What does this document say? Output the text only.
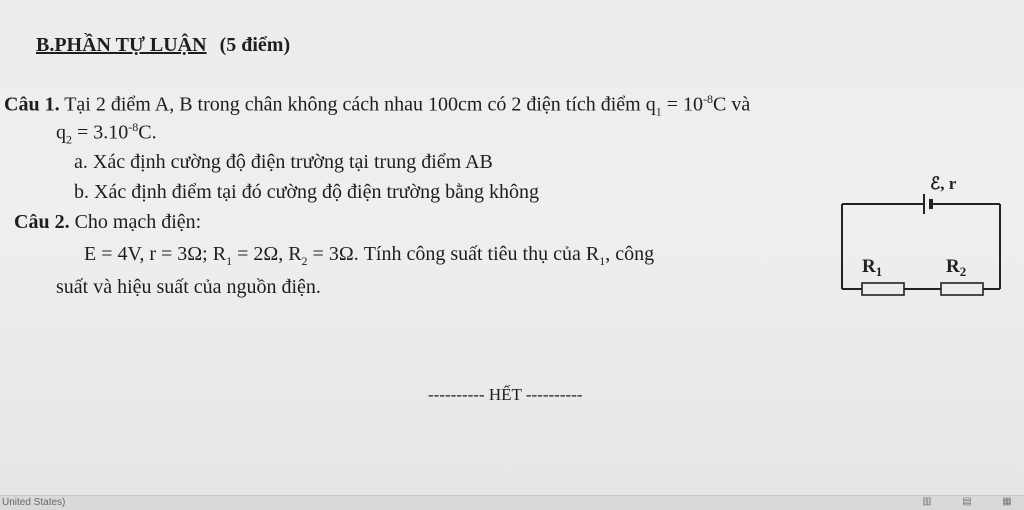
B.PHẦN TỰ LUẬN (5 điểm)
Câu 1. Tại 2 điểm A, B trong chân không cách nhau 100cm có 2 điện tích điểm $q_1 = 10^{-8}C$ và
$q_2 = 3.10^{-8}C$.
a. Xác định cường độ điện trường tại trung điểm AB
b. Xác định điểm tại đó cường độ điện trường bằng không
Câu 2. Cho mạch điện:
E = 4V, r = 3Ω; $R_1 = 2\Omega$, $R_2 = 3\Omega$. Tính công suất tiêu thụ của $R_1$, công
suất và hiệu suất của nguồn điện.
ℰ, r
$R_1$	$R_2$
---------- HẾT ----------
United States)	▥	▤	▦
